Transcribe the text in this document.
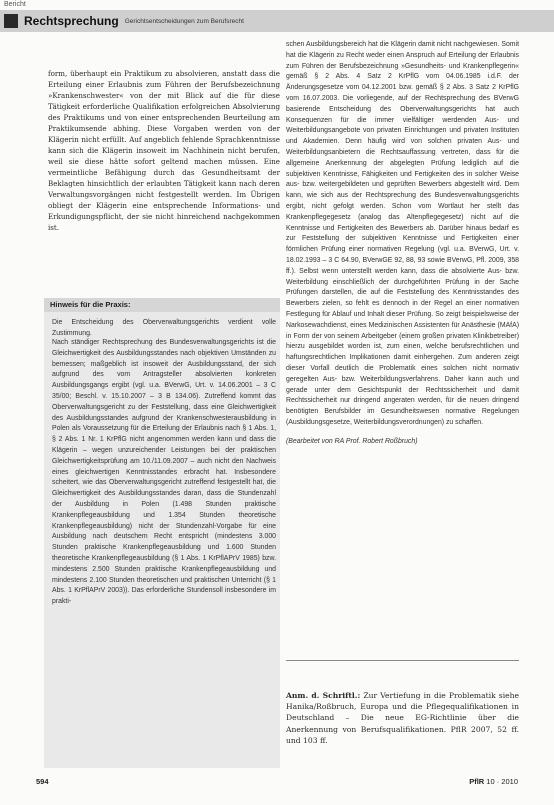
Bericht
Rechtsprechung Gerichtsentscheidungen zum Berufsrecht

form, überhaupt ein Praktikum zu absolvieren, anstatt dass die Erteilung einer Erlaubnis zum Führen der Berufsbezeichnung »Krankenschwester« von der mit Blick auf die für diese Tätigkeit erforderliche Qualifikation erfolgreichen Absolvierung des Praktikums und von einer entsprechenden Beurteilung am Praktikumsende abhing. Diese Vorgaben werden von der Klägerin nicht erfüllt. Auf angeblich fehlende Sprachkenntnisse kann sich die Klägerin insoweit im Nachhinein nicht berufen, weil sie diese hätte sofort geltend machen müssen. Eine vermeintliche Befähigung durch das Gesundheitsamt der Beklagten hinsichtlich der erlaubten Tätigkeit kann nach deren Verwaltungsvorgängen nicht festgestellt werden. Im Übrigen obliegt der Klägerin eine entsprechende Informations- und Erkundigungspflicht, der sie nicht hinreichend nachgekommen ist.

Hinweis für die Praxis:

Die Entscheidung des Oberverwaltungsgerichts verdient volle Zustimmung.

Nach ständiger Rechtsprechung des Bundesverwaltungsgerichts ist die Gleichwertigkeit des Ausbildungsstandes nach objektiven Umständen zu bemessen; maßgeblich ist insoweit der Ausbildungsstand, der sich aufgrund des vom Antragsteller absolvierten konkreten Ausbildungsgangs ergibt (vgl. u.a. BVerwG, Urt. v. 14.06.2001 – 3 C 35/00; Beschl. v. 15.10.2007 – 3 B 134.06). Zutreffend kommt das Oberverwaltungsgericht zu der Feststellung, dass eine Gleichwertigkeit des Ausbildungsstandes aufgrund der Krankenschwesterausbildung in Polen als Voraussetzung für die Erteilung der Erlaubnis nach § 1 Abs. 1, § 2 Abs. 1 Nr. 1 KrPflG nicht angenommen werden kann und dass die Klägerin – wegen unzureichender Leistungen bei der praktischen Gleichwertigkeitsprüfung am 10./11.09.2007 – auch nicht den Nachweis eines gleichwertigen Kenntnisstandes erbracht hat. Insbesondere scheitert, wie das Oberverwaltungsgericht zutreffend festgestellt hat, die Gleichwertigkeit des Ausbildungsstandes daran, dass die Stundenzahl der Ausbildung in Polen (1.498 Stunden praktische Krankenpflegeausbildung und 1.354 Stunden theoretische Krankenpflegeausbildung) nicht der Stundenzahl-Vorgabe für eine Ausbildung nach deutschem Recht entspricht (mindestens 3.000 Stunden praktische Krankenpflegeausbildung und 1.600 Stunden theoretische Krankenpflegeausbildung (§ 1 Abs. 1 KrPflAPrV 1985) bzw. mindestens 2.500 Stunden praktische Krankenpflegeausbildung und mindestens 2.100 Stunden theoretischen und praktischen Unterricht (§ 1 Abs. 1 KrPflAPrV 2003)). Das erforderliche Stundensoll insbesondere im prakti-

schen Ausbildungsbereich hat die Klägerin damit nicht nachgewiesen. Somit hat die Klägerin zu Recht weder einen Anspruch auf Erteilung der Erlaubnis zum Führen der Berufsbezeichnung »Gesundheits- und Krankenpflegerin« gemäß § 2 Abs. 4 Satz 2 KrPflG vom 04.06.1985 i.d.F. der Änderungsgesetze vom 04.12.2001 bzw. gemäß § 2 Abs. 3 Satz 2 KrPflG vom 16.07.2003. Die vorliegende, auf der Rechtsprechung des BVerwG basierende Entscheidung des Oberverwaltungsgerichts hat auch Konsequenzen für die immer vielfältiger werdenden Aus- und Weiterbildungsangebote von privaten Einrichtungen und privaten Instituten und Akademien. Denn häufig wird von solchen privaten Aus- und Weiterbildungsanbietern die Rechtsauffassung vertreten, dass für die allgemeine Anerkennung der abgelegten Prüfung lediglich auf die subjektiven Kenntnisse, Fähigkeiten und Fertigkeiten des in solcher Weise aus- bzw. weitergebildeten und geprüften Bewerbers abgestellt wird. Dem kann, wie sich aus der Rechtsprechung des Bundesverwaltungsgerichts ergibt, nicht gefolgt werden. Schon vom Wortlaut her stellt das Krankenpflegegesetz (analog das Altenpflegegesetz) nicht auf die Kenntnisse und Fertigkeiten des Bewerbers ab. Darüber hinaus bedarf es zur Feststellung der subjektiven Kenntnisse und Fertigkeiten einer förmlichen Prüfung einer normativen Regelung (vgl. u.a. BVerwG, Urt. v. 18.02.1993 – 3 C 64.90, BVerwGE 92, 88, 93 sowie BVerwG, Pfl. 2009, 358 ff.). Selbst wenn unterstellt werden kann, dass die absolvierte Aus- bzw. Weiterbildung einschließlich der durchgeführten Prüfung in der Sache Prüfungen darstellen, die auf die Feststellung des Kenntnisstandes des Bewerbers zielen, so fehlt es dennoch in der Regel an einer normativen Festlegung für Ablauf und Inhalt dieser Prüfung. So zeigt beispielsweise der Narkosewachdienst, eines Medizinischen Assistenten für Anästhesie (MAfA) in Form der von seinem Arbeitgeber (einem großen privaten Klinikbetreiber) hierzu ausgebildet worden ist, zum einen, welche berufsrechtlichen und haftungsrechtlichen Implikationen damit einhergehen. Zum anderen zeigt dieser Vorfall deutlich die Problematik eines solchen nicht normativ geregelten Aus- bzw. Weiterbildungsverfahrens. Daher kann auch und gerade unter dem Gesichtspunkt der Rechtssicherheit und damit Rechtssicherheit nur dringend angeraten werden, für die neuen dringend benötigten Berufsbilder im Gesundheitswesen normative Regelungen (Ausbildungsgesetze, Weiterbildungsverordnungen) zu schaffen.

(Bearbeitet von RA Prof. Robert Roßbruch)

Anm. d. Schriftl.: Zur Vertiefung in die Problematik siehe Hanika/Roßbruch, Europa und die Pflegequalifikationen in Deutschland – Die neue EG-Richtlinie über die Anerkennung von Berufsqualifikationen. PflR 2007, 52 ff. und 103 ff.

594	PflR 10 · 2010
